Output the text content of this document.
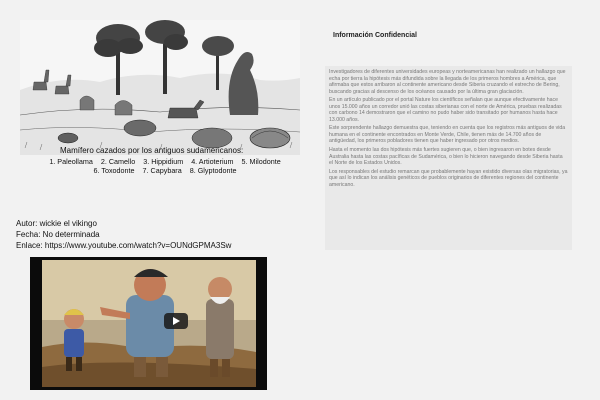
Mamífero cazados por los antiguos sudamericanos:
1. Paleollama 2. Camello 3. Hippidium 4. Artioterium 5. Milodonte
6. Toxodonte 7. Capybara 8. Glyptodonte
Autor: wickie el vikingo
Fecha: No determinada
Enlace: https://www.youtube.com/watch?v=OUNdGPMA3Sw
Información Confidencial

Investigadores de diferentes universidades europeas y norteamericanas han realizado un hallazgo que echa por tierra la hipótesis más difundida sobre la llegada de los primeros hombres a América, que afirmaba que estos arribaron al continente americano desde Siberia cruzando el estrecho de Bering, buscando gracias al descenso de los océanos causado por la última gran glaciación.

En un artículo publicado por el portal Nature los científicos señalan que aunque efectivamente hace unos 15.000 años un corredor unió las costas siberianas con el norte de América, pruebas realizadas con carbono 14 demostraron que el camino no pudo haber sido transitado por humanos hasta hace 13.000 años.

Este sorprendente hallazgo demuestra que, teniendo en cuenta que los registros más antiguos de vida humana en el continente encontrados en Monte Verde, Chile, tienen más de 14.700 años de antigüedad, los primeros pobladores tienen que haber ingresado por otros medios.

Hasta el momento las dos hipótesis más fuertes sugieren que, o bien ingresaron en botes desde Australia hasta las costas pacíficas de Sudamérica, o bien lo hicieron navegando desde Siberia hasta el Norte de los Estados Unidos.

Los responsables del estudio remarcan que probablemente hayan existido diversas olas migratorias, ya que así lo indican los análisis genéticos de pueblos originarios de diferentes regiones del continente americano.
